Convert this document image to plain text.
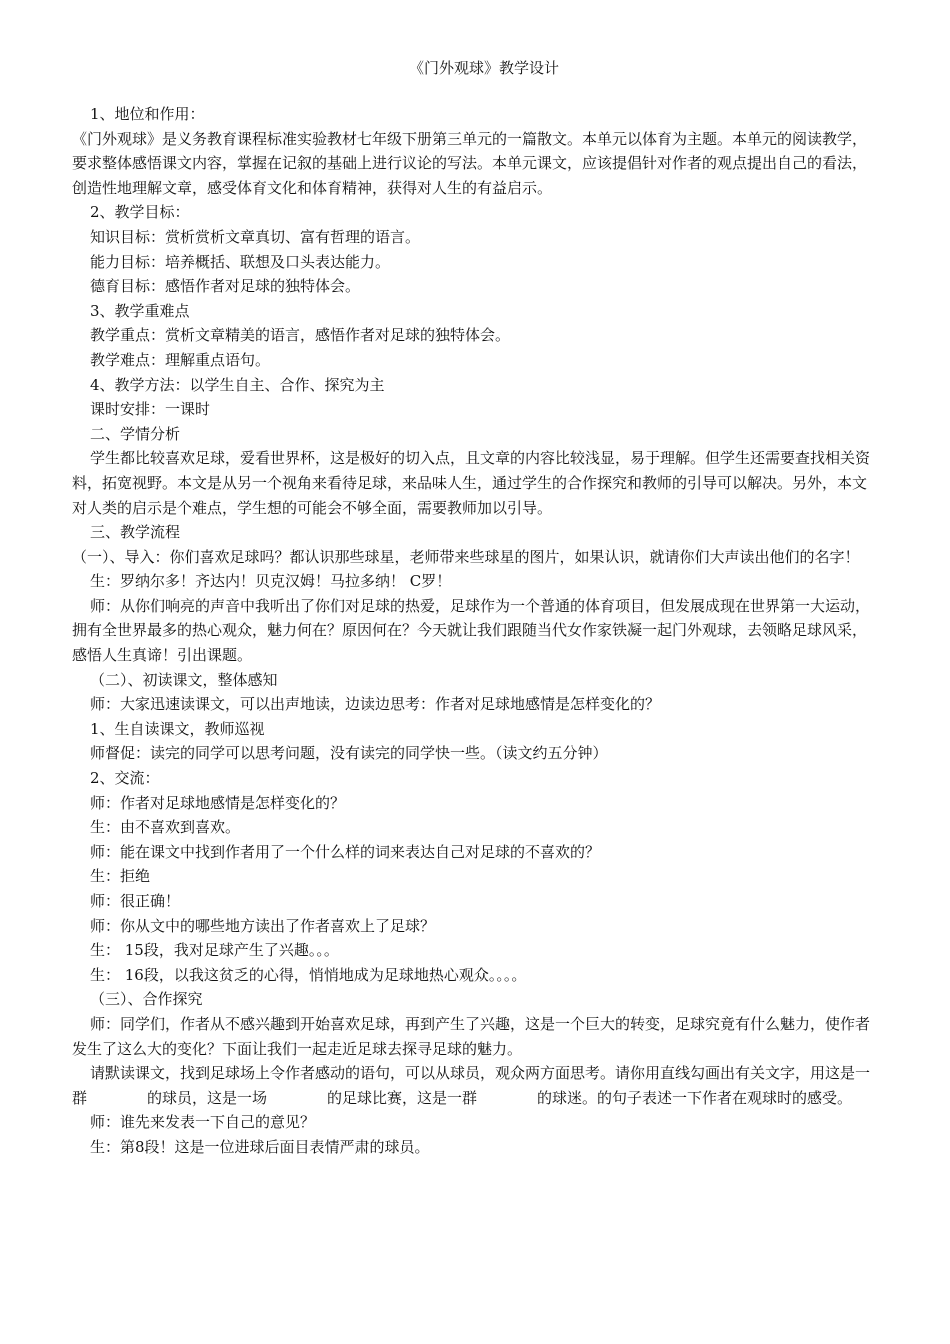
《门外观球》教学设计

1、地位和作用：

《门外观球》是义务教育课程标准实验教材七年级下册第三单元的一篇散文。本单元以体育为主题。本单元的阅读教学，要求整体感悟课文内容，掌握在记叙的基础上进行议论的写法。本单元课文，应该提倡针对作者的观点提出自己的看法，创造性地理解文章，感受体育文化和体育精神，获得对人生的有益启示。

2、教学目标：

知识目标：赏析赏析文章真切、富有哲理的语言。

能力目标：培养概括、联想及口头表达能力。

德育目标：感悟作者对足球的独特体会。

3、教学重难点

教学重点：赏析文章精美的语言，感悟作者对足球的独特体会。

教学难点：理解重点语句。

4、教学方法：以学生自主、合作、探究为主

课时安排：一课时

二、学情分析

学生都比较喜欢足球，爱看世界杯，这是极好的切入点，且文章的内容比较浅显，易于理解。但学生还需要查找相关资料，拓宽视野。本文是从另一个视角来看待足球，来品味人生，通过学生的合作探究和教师的引导可以解决。另外，本文对人类的启示是个难点，学生想的可能会不够全面，需要教师加以引导。

三、教学流程

（一）、导入：你们喜欢足球吗？都认识那些球星，老师带来些球星的图片，如果认识，就请你们大声读出他们的名字！

生：罗纳尔多！齐达内！贝克汉姆！马拉多纳！ C罗！

师：从你们响亮的声音中我听出了你们对足球的热爱，足球作为一个普通的体育项目，但发展成现在世界第一大运动，拥有全世界最多的热心观众，魅力何在？原因何在？今天就让我们跟随当代女作家铁凝一起门外观球，去领略足球风采，感悟人生真谛！引出课题。

（二）、初读课文，整体感知

师：大家迅速读课文，可以出声地读，边读边思考：作者对足球地感情是怎样变化的？

1、生自读课文，教师巡视

师督促：读完的同学可以思考问题，没有读完的同学快一些。（读文约五分钟）

2、交流：

师：作者对足球地感情是怎样变化的？

生：由不喜欢到喜欢。

师：能在课文中找到作者用了一个什么样的词来表达自己对足球的不喜欢的？

生：拒绝

师：很正确！

师：你从文中的哪些地方读出了作者喜欢上了足球？

生： 15段，我对足球产生了兴趣。。。

生： 16段，以我这贫乏的心得，悄悄地成为足球地热心观众。。。。

（三）、合作探究

师：同学们，作者从不感兴趣到开始喜欢足球，再到产生了兴趣，这是一个巨大的转变，足球究竟有什么魅力，使作者发生了这么大的变化？下面让我们一起走近足球去探寻足球的魅力。

请默读课文，找到足球场上令作者感动的语句，可以从球员，观众两方面思考。请你用直线勾画出有关文字，用这是一群　　　　的球员，这是一场　　　　的足球比赛，这是一群　　　　的球迷。的句子表述一下作者在观球时的感受。

师：谁先来发表一下自己的意见？

生：第8段！这是一位进球后面目表情严肃的球员。
